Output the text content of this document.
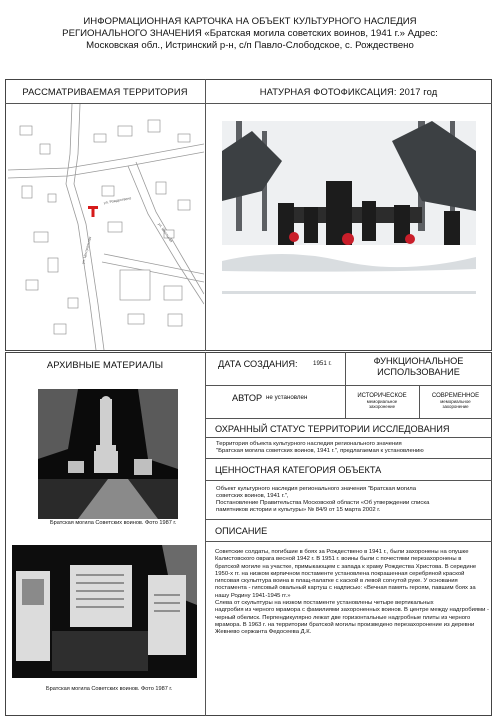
ИНФОРМАЦИОННАЯ КАРТОЧКА НА ОБЪЕКТ КУЛЬТУРНОГО НАСЛЕДИЯ
РЕГИОНАЛЬНОГО ЗНАЧЕНИЯ «Братская могила советских воинов, 1941 г.» Адрес:
Московская обл., Истринский р-н, с/п Павло-Слободское, с. Рождествено
РАССМАТРИВАЕМАЯ ТЕРРИТОРИЯ
ул. Рождествено
ул. Центральная
ул. Школьная
НАТУРНАЯ ФОТОФИКСАЦИЯ: 2017 год
АРХИВНЫЕ МАТЕРИАЛЫ
Братская могила Советских воинов. Фото 1987 г.
Братская могила Советских воинов. Фото 1987 г.
ДАТА СОЗДАНИЯ: 1951 г.	ФУНКЦИОНАЛЬНОЕ
ИСПОЛЬЗОВАНИЕ
АВТОР не установлен	ИСТОРИЧЕСКОЕ
мемориальное
захоронение
СОВРЕМЕННОЕ
мемориальное
захоронение
ОХРАННЫЙ СТАТУС ТЕРРИТОРИИ ИССЛЕДОВАНИЯ
Территория объекта культурного наследия регионального значения
"Братская могила советских воинов, 1941 г.", предлагаемая к установлению
ЦЕННОСТНАЯ КАТЕГОРИЯ ОБЪЕКТА
Объект культурного наследия регионального значения "Братская могила
советских воинов, 1941 г.",
Постановление Правительства Московской области «Об утверждении списка
памятников истории и культуры» № 84/9 от 15 марта 2002 г.
ОПИСАНИЕ
Советские солдаты, погибшие в боях за Рождествено в 1941 г., были захоронены на опушке
Калистовского оврага весной 1942 г. В 1951 г. воины были с почестями перезахоронены в
братской могиле на участке, примыкающем с запада к храму Рождества Христова. В середине
1950-х гг. на низком кирпичном постаменте установлена покрашенная серебряной краской
гипсовая скульптура воина в плащ-палатке с каской в левой согнутой руке. У основания
постамента - гипсовый овальный картуш с надписью: «Вечная память героям, павшим боях за
нашу Родину 1941-1945 гг.»
Слева от скульптуры на низком постаменте установлены четыре вертикальных
надгробия из черного мрамора с фамилиями захороненных воинов. В центре между надгробиями -
черный обелиск. Перпендикулярно лежат две горизонтальные надгробные плиты из черного
мрамора. В 1963 г. на территории братской могилы произведено перезахоронение из деревни
Жевнево сержанта Федосеева Д.К.
